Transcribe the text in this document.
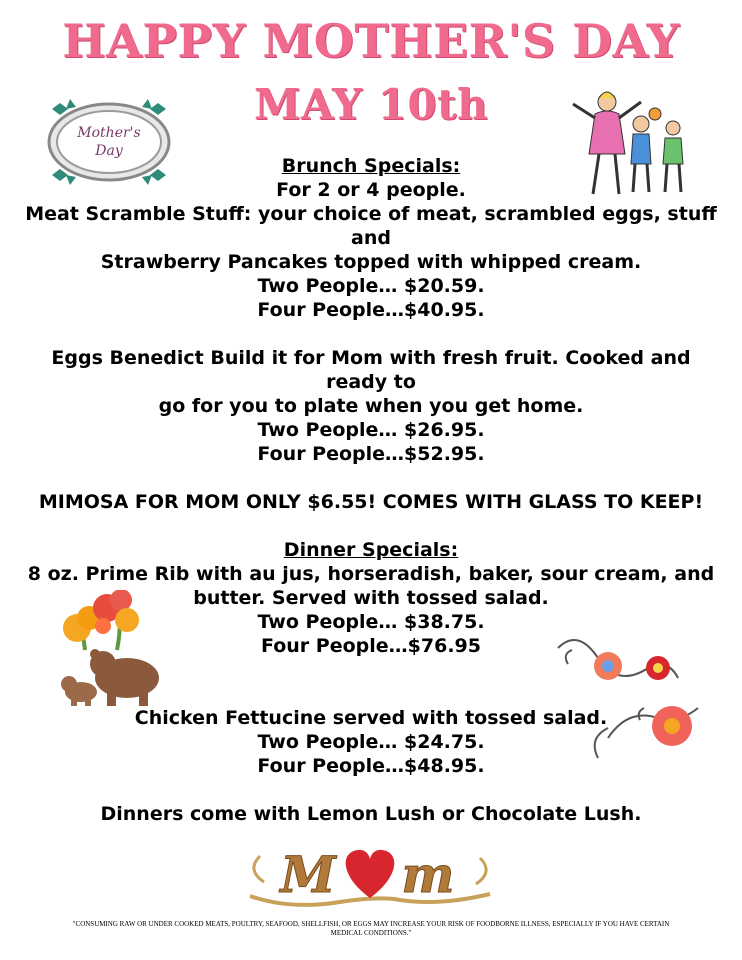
HAPPY MOTHER'S DAY
MAY 10th
Mother's
Day

Brunch Specials:

For 2 or 4 people.

Meat Scramble Stuff: your choice of meat, scrambled eggs, stuff and

Strawberry Pancakes topped with whipped cream.

Two People… $20.59.

Four People…$40.95.

Eggs Benedict Build it for Mom with fresh fruit. Cooked and ready to

go for you to plate when you get home.

Two People… $26.95.

Four People…$52.95.

MIMOSA FOR MOM ONLY $6.55! COMES WITH GLASS TO KEEP!

Dinner Specials:

8 oz. Prime Rib with au jus, horseradish, baker, sour cream, and

butter. Served with tossed salad.

Two People… $38.75.

Four People…$76.95

Chicken Fettucine served with tossed salad.

Two People… $24.75.

Four People…$48.95.

Dinners come with Lemon Lush or Chocolate Lush.

M m
"CONSUMING RAW OR UNDER COOKED MEATS, POULTRY, SEAFOOD, SHELLFISH, OR EGGS MAY INCREASE YOUR RISK OF FOODBORNE ILLNESS, ESPECIALLY IF YOU HAVE CERTAIN
MEDICAL CONDITIONS."
